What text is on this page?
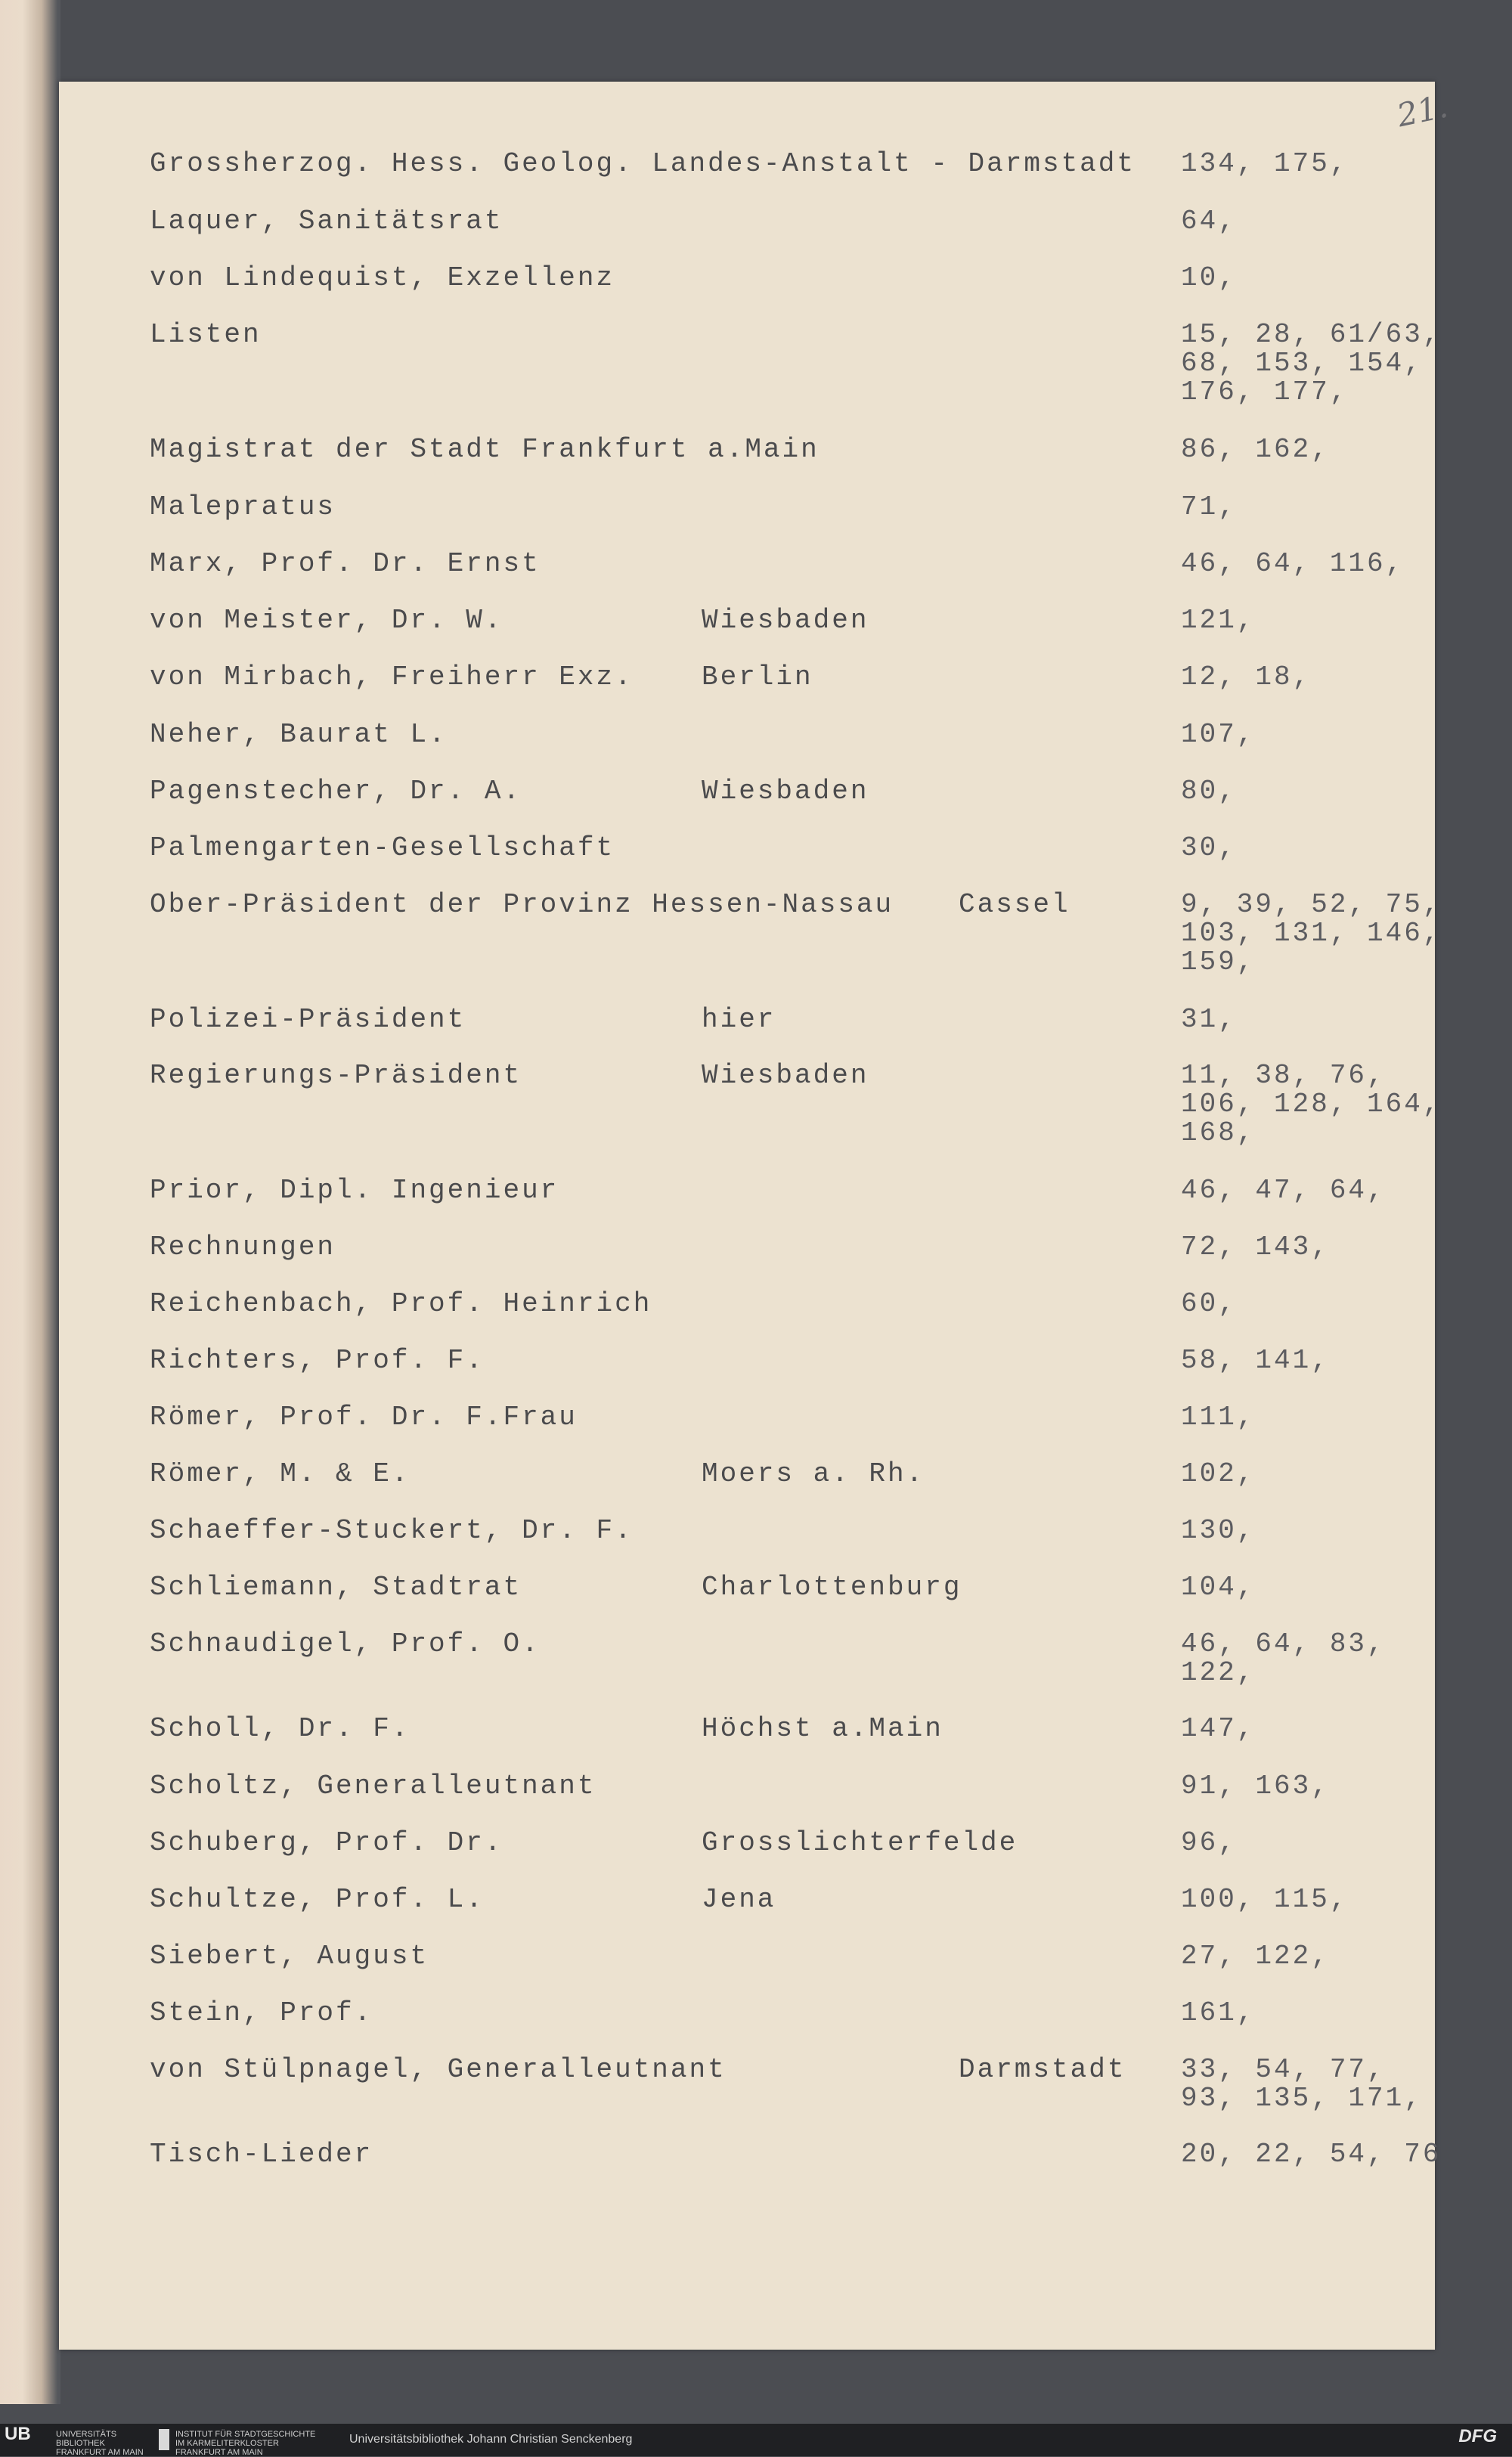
21.
Grossherzog. Hess. Geolog. Landes-Anstalt - Darmstadt 134, 175,
Laquer, Sanitätsrat	64,
von Lindequist, Exzellenz	10,
Listen	15, 28, 61/63,
68, 153, 154,
176, 177,
Magistrat der Stadt Frankfurt a.Main	86, 162,
Malepratus	71,
Marx, Prof. Dr. Ernst	46, 64, 116,
von Meister, Dr. W.	Wiesbaden	121,
von Mirbach, Freiherr Exz.	Berlin	12, 18,
Neher, Baurat L.	107,
Pagenstecher, Dr. A.	Wiesbaden	80,
Palmengarten-Gesellschaft	30,
Ober-Präsident der Provinz Hessen-Nassau Cassel	9, 39, 52, 75,
103, 131, 146,
159,
Polizei-Präsident	hier	31,
Regierungs-Präsident	Wiesbaden	11, 38, 76,
106, 128, 164,
168,
Prior, Dipl. Ingenieur	46, 47, 64,
Rechnungen	72, 143,
Reichenbach, Prof. Heinrich	60,
Richters, Prof. F.	58, 141,
Römer, Prof. Dr. F.Frau	111,
Römer, M. & E.	Moers a. Rh.	102,
Schaeffer-Stuckert, Dr. F.	130,
Schliemann, Stadtrat	Charlottenburg	104,
Schnaudigel, Prof. O.	46, 64, 83,
122,
Scholl, Dr. F.	Höchst a.Main	147,
Scholtz, Generalleutnant	91, 163,
Schuberg, Prof. Dr.	Grosslichterfelde	96,
Schultze, Prof. L.	Jena	100, 115,
Siebert, August	27, 122,
Stein, Prof.	161,
von Stülpnagel, Generalleutnant	Darmstadt 33, 54, 77,
93, 135, 171,
Tisch-Lieder	20, 22, 54, 76
UB	UNIVERSITÄTS BIBLIOTHEK FRANKFURT AM MAIN
INSTITUT FÜR STADTGESCHICHTE IM KARMELITERKLOSTER FRANKFURT AM MAIN
Universitätsbibliothek Johann Christian Senckenberg	DFG
